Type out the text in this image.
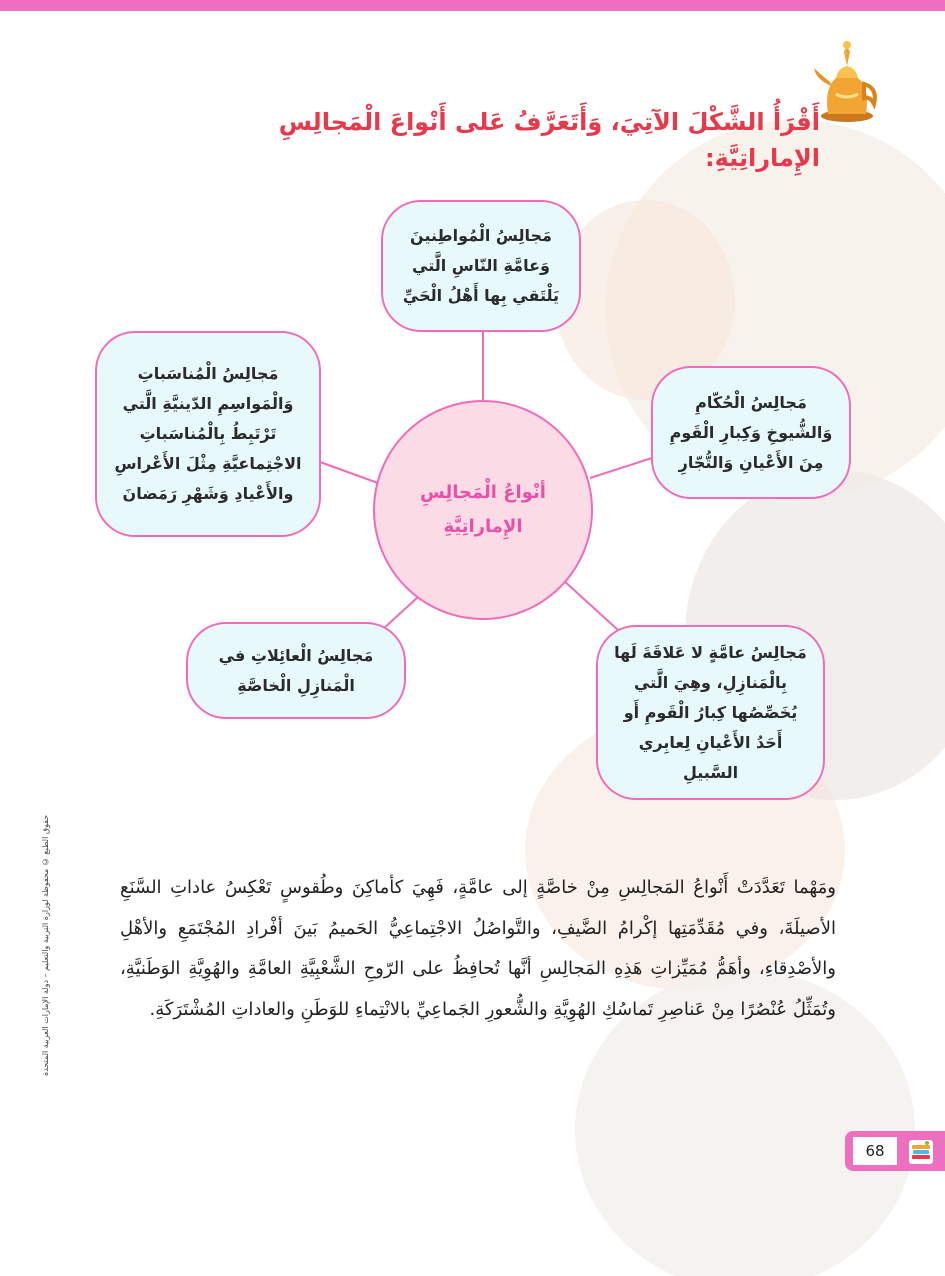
أَقْرَأُ الشَّكْلَ الآتِيَ، وَأَتَعَرَّفُ عَلى أَنْواعَ الْمَجالِسِ الإِماراتِيَّةِ:
مَجالِسُ الْمُواطِنينَ وَعامَّةِ النّاسِ الَّتي يَلْتَقي بِها أَهْلُ الْحَيِّ
مَجالِسُ الْحُكّامِ وَالشُّيوخِ وَكِبارِ الْقَومِ مِنَ الأَعْيانِ وَالتُّجّارِ
مَجالِسُ الْمُناسَباتِ وَالْمَواسِمِ الدّينيَّةِ الَّتي تَرْتَبِطُ بِالْمُناسَباتِ الاجْتِماعيَّةِ مِثْلَ الأَعْراسِ والأَعْيادِ وَشَهْرِ رَمَضانَ	أنْواعُ الْمَجالِسِ الإِماراتِيَّةِ
مَجالِسُ الْعائِلاتِ في الْمَنازِلِ الْخاصَّةِ
مَجالِسُ عامَّةٍ لا عَلاقَةَ لَها بِالْمَنازِلِ، وهِيَ الَّتي يُخَصِّصُها كِبارُ الْقَومِ أَو أَحَدُ الأَعْيانِ لِعابِري السَّبيلِ
ومَهْما تَعَدَّدَتْ أَنْواعُ المَجالِسِ مِنْ خاصَّةٍ إلى عامَّةٍ، فَهِيَ كأماكِنَ وطُقوسٍ تَعْكِسُ عاداتِ السَّنَعِ الأصيلَةَ، وفي مُقَدِّمَتِها إكْرامُ الضَّيفِ، والتَّواصُلُ الاجْتِماعِيُّ الحَميمُ بَينَ أفْرادِ المُجْتَمَعِ والأهْلِ والأصْدِقاءِ، وأهَمُّ مُمَيِّزاتِ هَذِهِ المَجالِسِ أنَّها تُحافِظُ على الرّوحِ الشَّعْبِيَّةِ العامَّةِ والهُوِيَّةِ الوَطَنيَّةِ، وتُمَثِّلُ عُنْصُرًا مِنْ عَناصِرِ تَماسُكِ الهُوِيَّةِ والشُّعورِ الجَماعِيِّ بالانْتِماءِ للوَطَنِ والعاداتِ المُشْتَرَكَةِ.
حقوق الطبع © محفوظة لوزارة التربية والتعليم – دولة الإمارات العربية المتحدة
68
